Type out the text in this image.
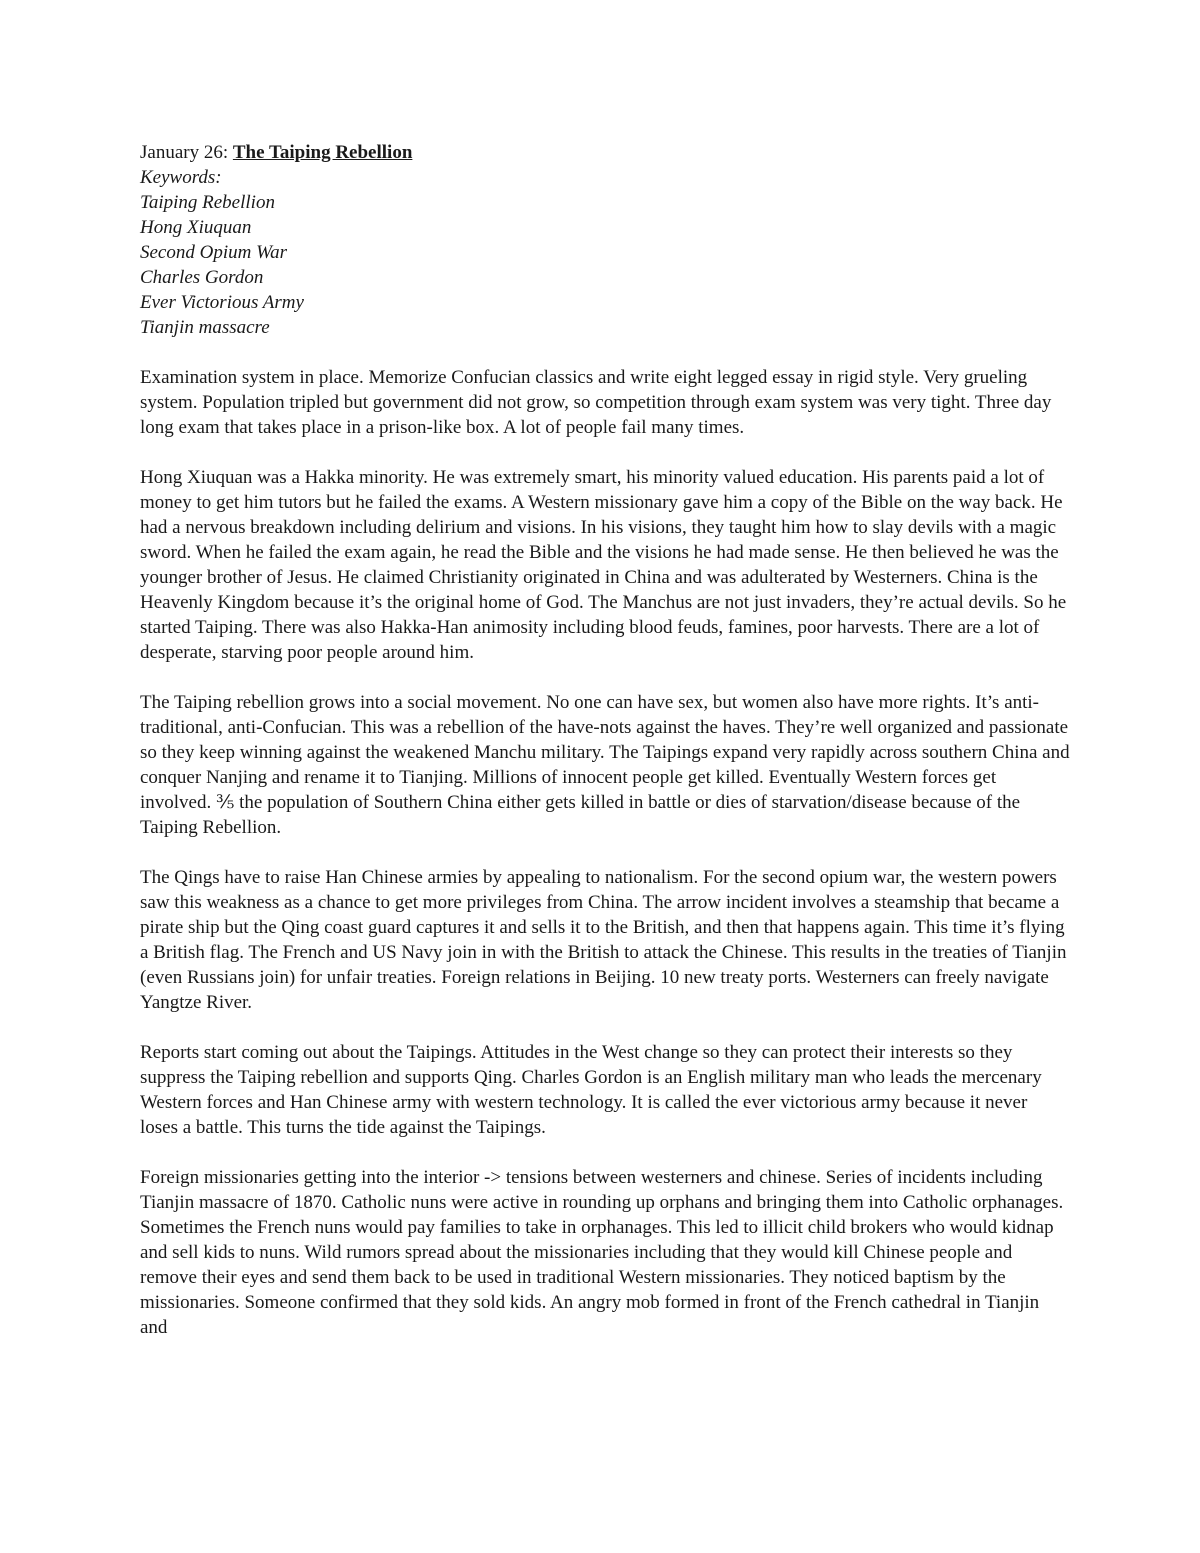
January 26: The Taiping Rebellion

Keywords:

Taiping Rebellion
Hong Xiuquan
Second Opium War
Charles Gordon
Ever Victorious Army
Tianjin massacre

Examination system in place. Memorize Confucian classics and write eight legged essay in rigid style. Very grueling system. Population tripled but government did not grow, so competition through exam system was very tight. Three day long exam that takes place in a prison-like box. A lot of people fail many times.

Hong Xiuquan was a Hakka minority. He was extremely smart, his minority valued education. His parents paid a lot of money to get him tutors but he failed the exams. A Western missionary gave him a copy of the Bible on the way back. He had a nervous breakdown including delirium and visions. In his visions, they taught him how to slay devils with a magic sword. When he failed the exam again, he read the Bible and the visions he had made sense. He then believed he was the younger brother of Jesus. He claimed Christianity originated in China and was adulterated by Westerners. China is the Heavenly Kingdom because it’s the original home of God. The Manchus are not just invaders, they’re actual devils. So he started Taiping. There was also Hakka-Han animosity including blood feuds, famines, poor harvests. There are a lot of desperate, starving poor people around him.

The Taiping rebellion grows into a social movement. No one can have sex, but women also have more rights. It’s anti-traditional, anti-Confucian. This was a rebellion of the have-nots against the haves. They’re well organized and passionate so they keep winning against the weakened Manchu military. The Taipings expand very rapidly across southern China and conquer Nanjing and rename it to Tianjing. Millions of innocent people get killed. Eventually Western forces get involved. ⅗ the population of Southern China either gets killed in battle or dies of starvation/disease because of the Taiping Rebellion.

The Qings have to raise Han Chinese armies by appealing to nationalism. For the second opium war, the western powers saw this weakness as a chance to get more privileges from China. The arrow incident involves a steamship that became a pirate ship but the Qing coast guard captures it and sells it to the British, and then that happens again. This time it’s flying a British flag. The French and US Navy join in with the British to attack the Chinese. This results in the treaties of Tianjin (even Russians join) for unfair treaties. Foreign relations in Beijing. 10 new treaty ports. Westerners can freely navigate Yangtze River.

Reports start coming out about the Taipings. Attitudes in the West change so they can protect their interests so they suppress the Taiping rebellion and supports Qing. Charles Gordon is an English military man who leads the mercenary Western forces and Han Chinese army with western technology. It is called the ever victorious army because it never loses a battle. This turns the tide against the Taipings.

Foreign missionaries getting into the interior -> tensions between westerners and chinese. Series of incidents including Tianjin massacre of 1870. Catholic nuns were active in rounding up orphans and bringing them into Catholic orphanages. Sometimes the French nuns would pay families to take in orphanages. This led to illicit child brokers who would kidnap and sell kids to nuns. Wild rumors spread about the missionaries including that they would kill Chinese people and remove their eyes and send them back to be used in traditional Western missionaries. They noticed baptism by the missionaries. Someone confirmed that they sold kids. An angry mob formed in front of the French cathedral in Tianjin and
